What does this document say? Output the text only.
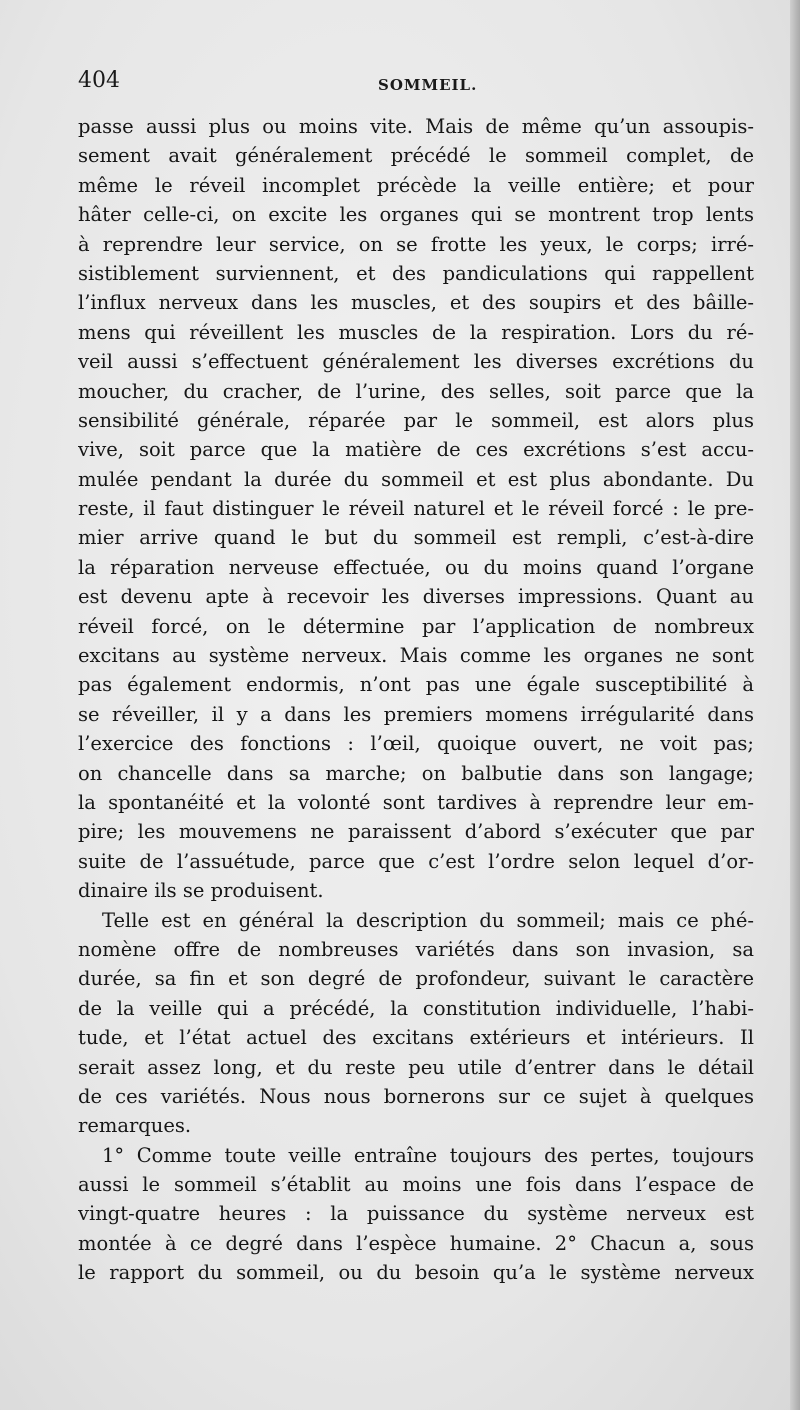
404	SOMMEIL.
passe aussi plus ou moins vite. Mais de même qu’un assoupis-
sement avait généralement précédé le sommeil complet, de
même le réveil incomplet précède la veille entière; et pour
hâter celle-ci, on excite les organes qui se montrent trop lents
à reprendre leur service, on se frotte les yeux, le corps; irré-
sistiblement surviennent, et des pandiculations qui rappellent
l’influx nerveux dans les muscles, et des soupirs et des bâille-
mens qui réveillent les muscles de la respiration. Lors du ré-
veil aussi s’effectuent généralement les diverses excrétions du
moucher, du cracher, de l’urine, des selles, soit parce que la
sensibilité générale, réparée par le sommeil, est alors plus
vive, soit parce que la matière de ces excrétions s’est accu-
mulée pendant la durée du sommeil et est plus abondante. Du
reste, il faut distinguer le réveil naturel et le réveil forcé : le pre-
mier arrive quand le but du sommeil est rempli, c’est-à-dire
la réparation nerveuse effectuée, ou du moins quand l’organe
est devenu apte à recevoir les diverses impressions. Quant au
réveil forcé, on le détermine par l’application de nombreux
excitans au système nerveux. Mais comme les organes ne sont
pas également endormis, n’ont pas une égale susceptibilité à
se réveiller, il y a dans les premiers momens irrégularité dans
l’exercice des fonctions : l’œil, quoique ouvert, ne voit pas;
on chancelle dans sa marche; on balbutie dans son langage;
la spontanéité et la volonté sont tardives à reprendre leur em-
pire; les mouvemens ne paraissent d’abord s’exécuter que par
suite de l’assuétude, parce que c’est l’ordre selon lequel d’or-
dinaire ils se produisent.
Telle est en général la description du sommeil; mais ce phé-
nomène offre de nombreuses variétés dans son invasion, sa
durée, sa fin et son degré de profondeur, suivant le caractère
de la veille qui a précédé, la constitution individuelle, l’habi-
tude, et l’état actuel des excitans extérieurs et intérieurs. Il
serait assez long, et du reste peu utile d’entrer dans le détail
de ces variétés. Nous nous bornerons sur ce sujet à quelques
remarques.
1° Comme toute veille entraîne toujours des pertes, toujours
aussi le sommeil s’établit au moins une fois dans l’espace de
vingt-quatre heures : la puissance du système nerveux est
montée à ce degré dans l’espèce humaine. 2° Chacun a, sous
le rapport du sommeil, ou du besoin qu’a le système nerveux
